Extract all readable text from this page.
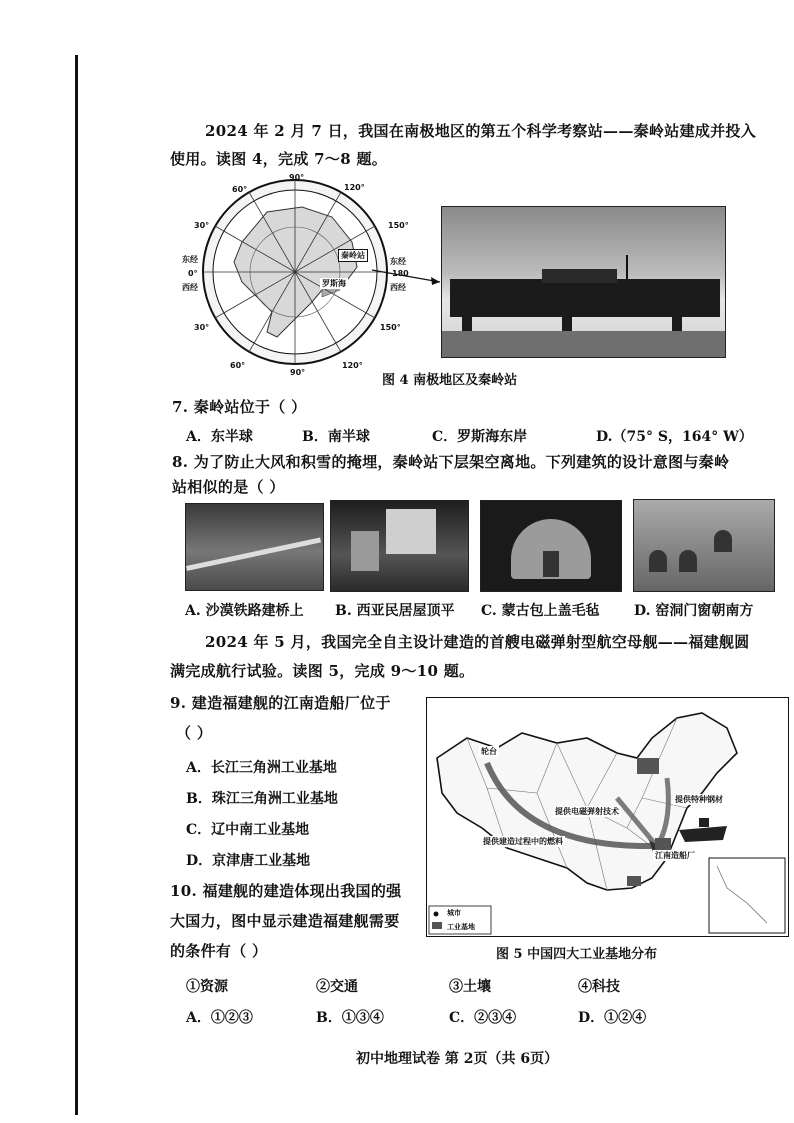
2024 年 2 月 7 日，我国在南极地区的第五个科学考察站——秦岭站建成并投入
使用。读图 4，完成 7～8 题。
90°
60°	120°
30°	150°
东经
0°
西经
东经
180
西经
30°	150°
60°	120°
秦岭站
罗斯海
90°
图 4 南极地区及秦岭站
7. 秦岭站位于（ ）
A．东半球	B．南半球	C．罗斯海东岸	D.（75° S，164° W）
8. 为了防止大风和积雪的掩埋，秦岭站下层架空离地。下列建筑的设计意图与秦岭
站相似的是（ ）
A. 沙漠铁路建桥上 B. 西亚民居屋顶平 C. 蒙古包上盖毛毡 D. 窑洞门窗朝南方
2024 年 5 月，我国完全自主设计建造的首艘电磁弹射型航空母舰——福建舰圆
满完成航行试验。读图 5，完成 9～10 题。
9. 建造福建舰的江南造船厂位于
（ ）
A．长江三角洲工业基地
B．珠江三角洲工业基地
C．辽中南工业基地
D．京津唐工业基地
轮台
提供特种钢材
提供电磁弹射技术
提供建造过程中的燃料
江南造船厂
城市
工业基地
图 5 中国四大工业基地分布
10. 福建舰的建造体现出我国的强
大国力，图中显示建造福建舰需要
的条件有（ ）
①资源	②交通	③土壤	④科技
A．①②③	B．①③④	C．②③④	D．①②④
初中地理试卷 第 2页（共 6页）
